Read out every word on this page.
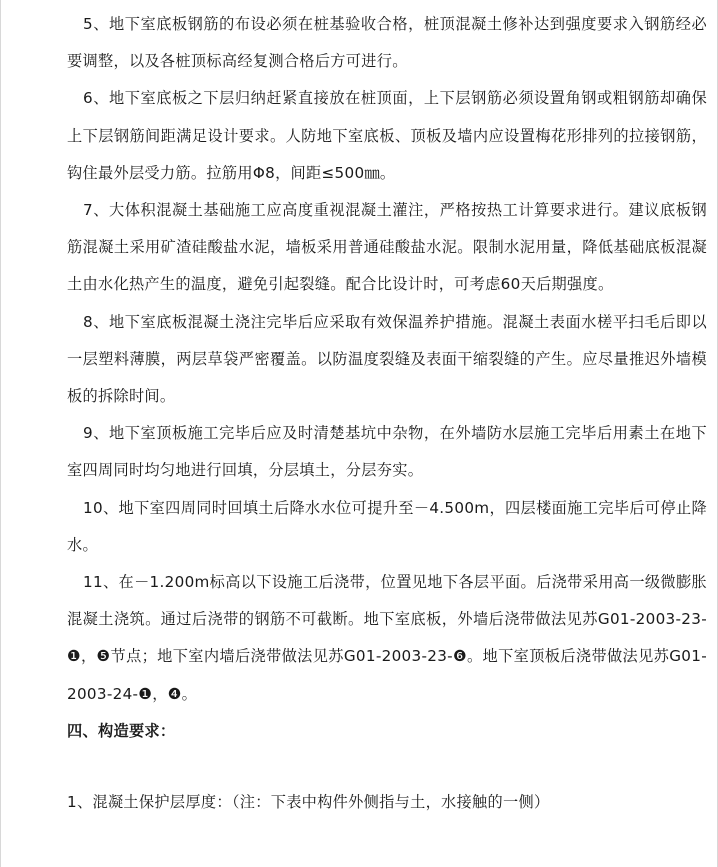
5、地下室底板钢筋的布设必须在桩基验收合格，桩顶混凝土修补达到强度要求入钢筋经必要调整，以及各桩顶标高经复测合格后方可进行。

6、地下室底板之下层归纳赶紧直接放在桩顶面，上下层钢筋必须设置角钢或粗钢筋却确保上下层钢筋间距满足设计要求。人防地下室底板、顶板及墙内应设置梅花形排列的拉接钢筋，钩住最外层受力筋。拉筋用Φ8，间距≤500㎜。

7、大体积混凝土基础施工应高度重视混凝土灌注，严格按热工计算要求进行。建议底板钢筋混凝土采用矿渣硅酸盐水泥，墙板采用普通硅酸盐水泥。限制水泥用量，降低基础底板混凝土由水化热产生的温度，避免引起裂缝。配合比设计时，可考虑60天后期强度。

8、地下室底板混凝土浇注完毕后应采取有效保温养护措施。混凝土表面水槎平扫毛后即以一层塑料薄膜，两层草袋严密覆盖。以防温度裂缝及表面干缩裂缝的产生。应尽量推迟外墙模板的拆除时间。

9、地下室顶板施工完毕后应及时清楚基坑中杂物，在外墙防水层施工完毕后用素土在地下室四周同时均匀地进行回填，分层填土，分层夯实。

10、地下室四周同时回填土后降水水位可提升至－4.500m，四层楼面施工完毕后可停止降水。

11、在－1.200m标高以下设施工后浇带，位置见地下各层平面。后浇带采用高一级微膨胀混凝土浇筑。通过后浇带的钢筋不可截断。地下室底板，外墙后浇带做法见苏G01-2003-23-❶，❺节点；地下室内墙后浇带做法见苏G01-2003-23-❻。地下室顶板后浇带做法见苏G01-2003-24-❶，❹。

四、构造要求：

1、混凝土保护层厚度：（注：下表中构件外侧指与土，水接触的一侧）
